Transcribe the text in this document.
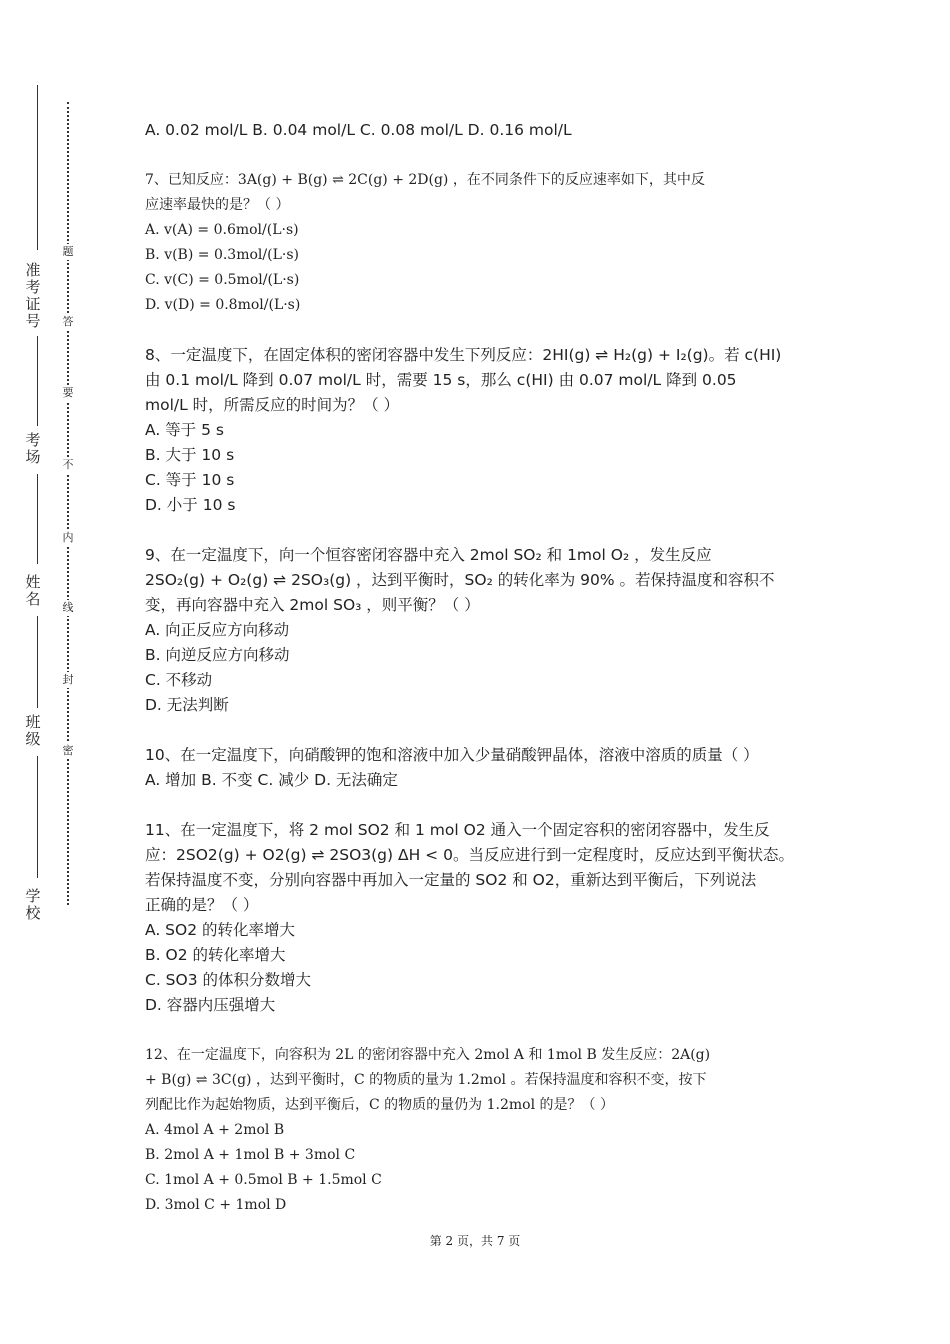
准
考
证
号
考
场
姓
名
班
级
学
校
题
答
要
不
内
线
封
密
A. 0.02 mol/L B. 0.04 mol/L C. 0.08 mol/L D. 0.16 mol/L
7、已知反应：3A(g) + B(g) ⇌ 2C(g) + 2D(g) ，在不同条件下的反应速率如下，其中反
应速率最快的是？（ ）
A. v(A) = 0.6mol/(L·s)
B. v(B) = 0.3mol/(L·s)
C. v(C) = 0.5mol/(L·s)
D. v(D) = 0.8mol/(L·s)
8、一定温度下，在固定体积的密闭容器中发生下列反应：2HI(g) ⇌ H₂(g) + I₂(g)。若 c(HI)
由 0.1 mol/L 降到 0.07 mol/L 时，需要 15 s，那么 c(HI) 由 0.07 mol/L 降到 0.05
mol/L 时，所需反应的时间为？（ ）
A. 等于 5 s
B. 大于 10 s
C. 等于 10 s
D. 小于 10 s
9、在一定温度下，向一个恒容密闭容器中充入 2mol SO₂ 和 1mol O₂ ，发生反应
2SO₂(g) + O₂(g) ⇌ 2SO₃(g) ，达到平衡时，SO₂ 的转化率为 90% 。若保持温度和容积不
变，再向容器中充入 2mol SO₃ ，则平衡？（ ）
A. 向正反应方向移动
B. 向逆反应方向移动
C. 不移动
D. 无法判断
10、在一定温度下，向硝酸钾的饱和溶液中加入少量硝酸钾晶体，溶液中溶质的质量（ ）
A. 增加 B. 不变 C. 减少 D. 无法确定
11、在一定温度下，将 2 mol SO2 和 1 mol O2 通入一个固定容积的密闭容器中，发生反
应：2SO2(g) + O2(g) ⇌ 2SO3(g) ΔH < 0。当反应进行到一定程度时，反应达到平衡状态。
若保持温度不变，分别向容器中再加入一定量的 SO2 和 O2，重新达到平衡后，下列说法
正确的是？（ ）
A. SO2 的转化率增大
B. O2 的转化率增大
C. SO3 的体积分数增大
D. 容器内压强增大
12、在一定温度下，向容积为 2L 的密闭容器中充入 2mol A 和 1mol B 发生反应：2A(g)
+ B(g) ⇌ 3C(g) ，达到平衡时，C 的物质的量为 1.2mol 。若保持温度和容积不变，按下
列配比作为起始物质，达到平衡后，C 的物质的量仍为 1.2mol 的是？（ ）
A. 4mol A + 2mol B
B. 2mol A + 1mol B + 3mol C
C. 1mol A + 0.5mol B + 1.5mol C
D. 3mol C + 1mol D
第 2 页，共 7 页
